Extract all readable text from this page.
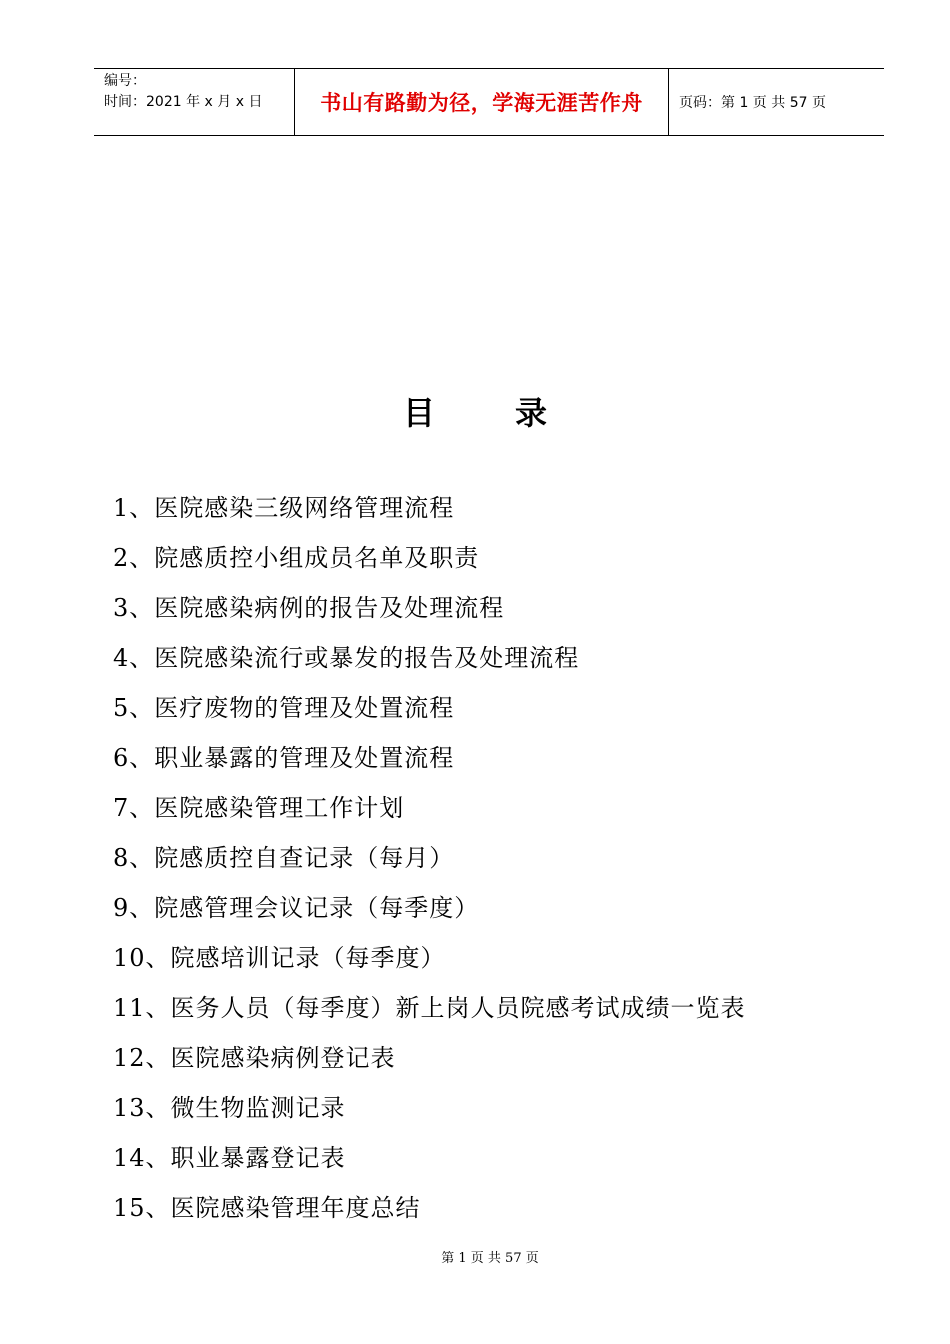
编号：
时间：2021 年 x 月 x 日	书山有路勤为径，学海无涯苦作舟	页码：第 1 页 共 57 页
目	录
1、医院感染三级网络管理流程
2、院感质控小组成员名单及职责
3、医院感染病例的报告及处理流程
4、医院感染流行或暴发的报告及处理流程
5、医疗废物的管理及处置流程
6、职业暴露的管理及处置流程
7、医院感染管理工作计划
8、院感质控自查记录（每月）
9、院感管理会议记录（每季度）
10、院感培训记录（每季度）
11、医务人员（每季度）新上岗人员院感考试成绩一览表
12、医院感染病例登记表
13、微生物监测记录
14、职业暴露登记表
15、医院感染管理年度总结
第 1 页 共 57 页
